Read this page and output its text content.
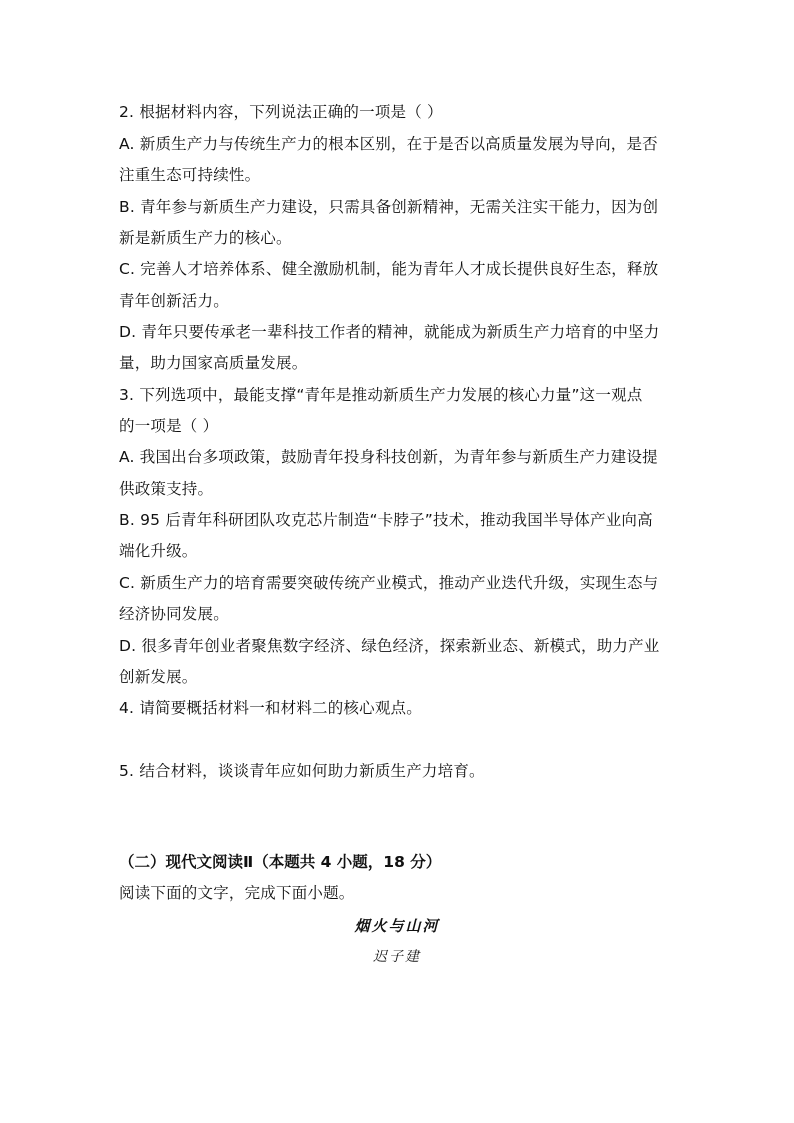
2. 根据材料内容，下列说法正确的一项是（ ）
A. 新质生产力与传统生产力的根本区别，在于是否以高质量发展为导向，是否
注重生态可持续性。
B. 青年参与新质生产力建设，只需具备创新精神，无需关注实干能力，因为创
新是新质生产力的核心。
C. 完善人才培养体系、健全激励机制，能为青年人才成长提供良好生态，释放
青年创新活力。
D. 青年只要传承老一辈科技工作者的精神，就能成为新质生产力培育的中坚力
量，助力国家高质量发展。
3. 下列选项中，最能支撑“青年是推动新质生产力发展的核心力量”这一观点
的一项是（ ）
A. 我国出台多项政策，鼓励青年投身科技创新，为青年参与新质生产力建设提
供政策支持。
B. 95 后青年科研团队攻克芯片制造“卡脖子”技术，推动我国半导体产业向高
端化升级。
C. 新质生产力的培育需要突破传统产业模式，推动产业迭代升级，实现生态与
经济协同发展。
D. 很多青年创业者聚焦数字经济、绿色经济，探索新业态、新模式，助力产业
创新发展。
4. 请简要概括材料一和材料二的核心观点。
5. 结合材料，谈谈青年应如何助力新质生产力培育。
（二）现代文阅读Ⅱ（本题共 4 小题，18 分）
阅读下面的文字，完成下面小题。
烟火与山河
迟子建
